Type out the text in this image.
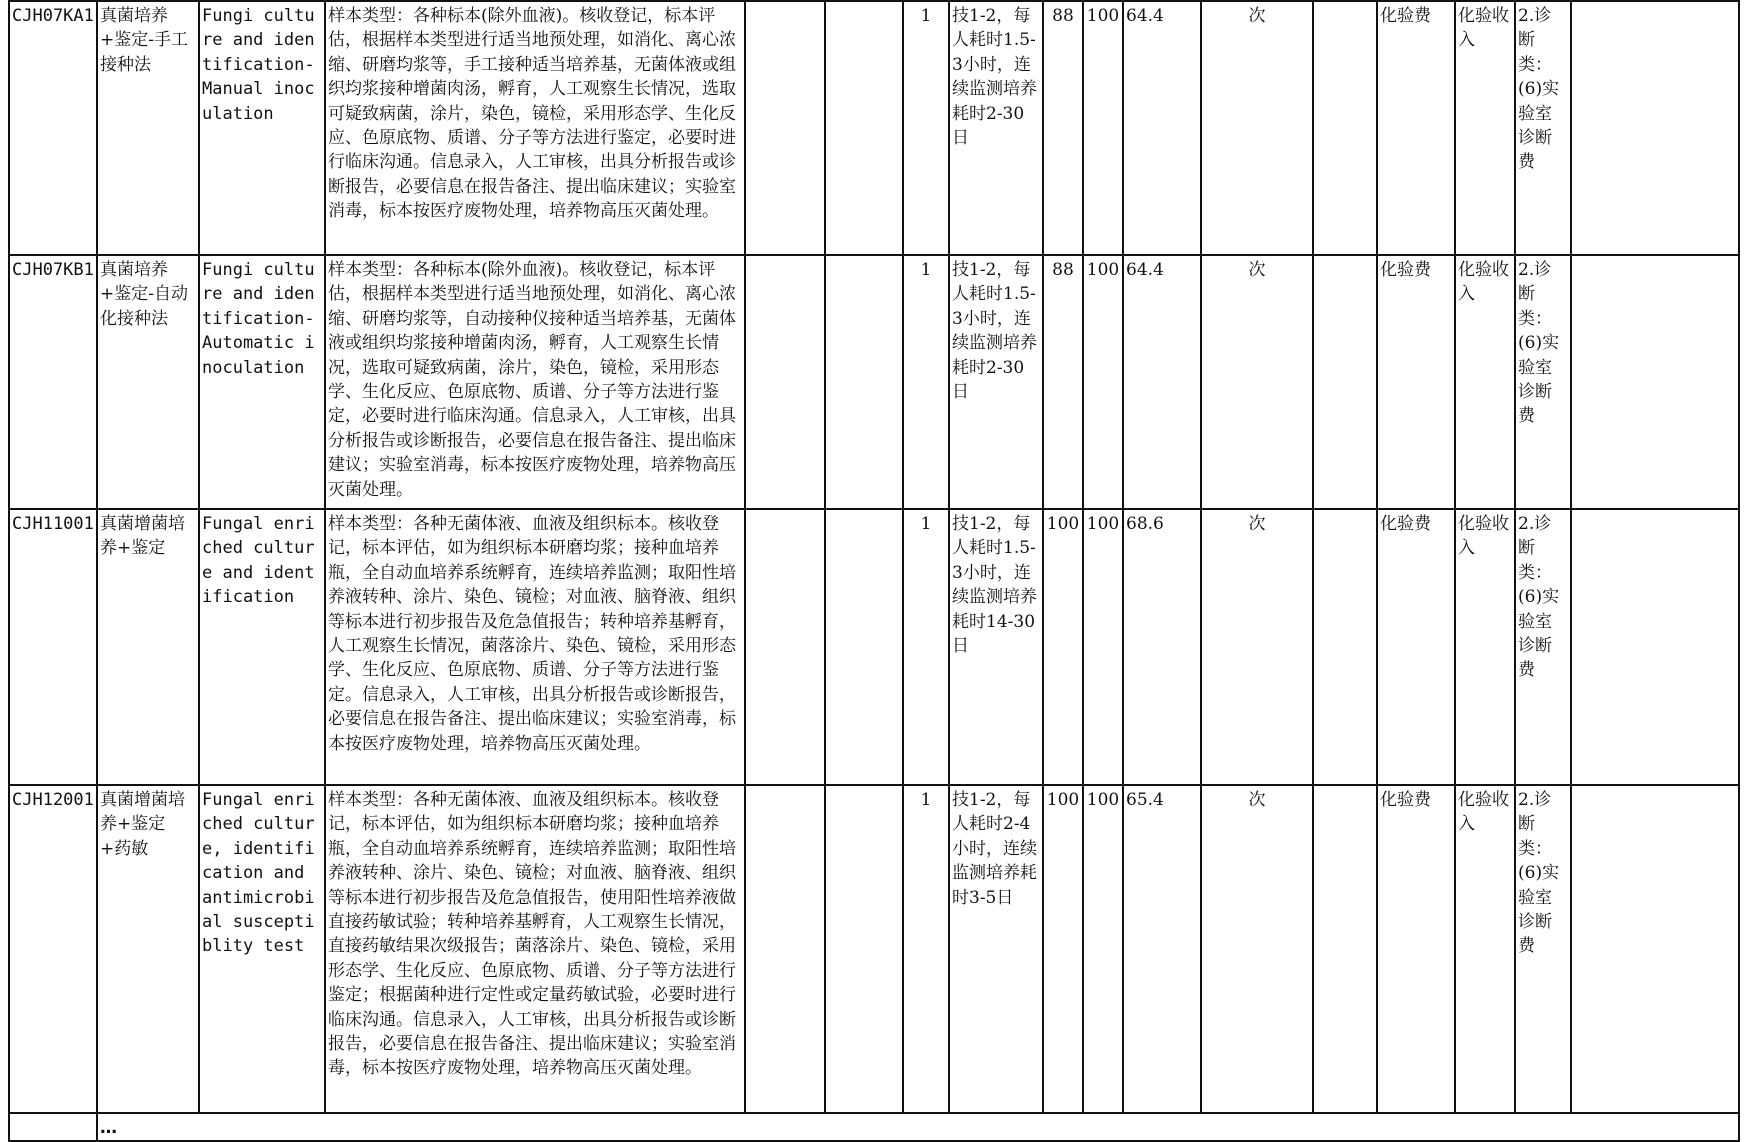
CJH07KA1	真菌培养+鉴定-手工接种法	Fungi culture and identification-Manual inoculation	样本类型：各种标本(除外血液)。核收登记，标本评估，根据样本类型进行适当地预处理，如消化、离心浓缩、研磨均浆等，手工接种适当培养基，无菌体液或组织均浆接种增菌肉汤，孵育，人工观察生长情况，选取可疑致病菌，涂片，染色，镜检，采用形态学、生化反应、色原底物、质谱、分子等方法进行鉴定，必要时进行临床沟通。信息录入，人工审核，出具分析报告或诊断报告，必要信息在报告备注、提出临床建议；实验室消毒，标本按医疗废物处理，培养物高压灭菌处理。			1	技1-2，每人耗时1.5-3小时，连续监测培养耗时2-30日	88	100	64.4	次		化验费	化验收入	2.诊断类：(6)实验室诊断费	
CJH07KB1	真菌培养+鉴定-自动化接种法	Fungi culture and identification-Automatic inoculation	样本类型：各种标本(除外血液)。核收登记，标本评估，根据样本类型进行适当地预处理，如消化、离心浓缩、研磨均浆等，自动接种仪接种适当培养基，无菌体液或组织均浆接种增菌肉汤，孵育，人工观察生长情况，选取可疑致病菌，涂片，染色，镜检，采用形态学、生化反应、色原底物、质谱、分子等方法进行鉴定，必要时进行临床沟通。信息录入，人工审核，出具分析报告或诊断报告，必要信息在报告备注、提出临床建议；实验室消毒，标本按医疗废物处理，培养物高压灭菌处理。			1	技1-2，每人耗时1.5-3小时，连续监测培养耗时2-30日	88	100	64.4	次		化验费	化验收入	2.诊断类：(6)实验室诊断费	
CJH11001	真菌增菌培养+鉴定	Fungal enriched culture and identification	样本类型：各种无菌体液、血液及组织标本。核收登记，标本评估，如为组织标本研磨均浆；接种血培养瓶，全自动血培养系统孵育，连续培养监测；取阳性培养液转种、涂片、染色、镜检；对血液、脑脊液、组织等标本进行初步报告及危急值报告；转种培养基孵育，人工观察生长情况，菌落涂片、染色、镜检，采用形态学、生化反应、色原底物、质谱、分子等方法进行鉴定。信息录入，人工审核，出具分析报告或诊断报告，必要信息在报告备注、提出临床建议；实验室消毒，标本按医疗废物处理，培养物高压灭菌处理。			1	技1-2，每人耗时1.5-3小时，连续监测培养耗时14-30日	100	100	68.6	次		化验费	化验收入	2.诊断类：(6)实验室诊断费	
CJH12001	真菌增菌培养+鉴定+药敏	Fungal enriched culture, identification and antimicrobial susceptiblity test	样本类型：各种无菌体液、血液及组织标本。核收登记，标本评估，如为组织标本研磨均浆；接种血培养瓶，全自动血培养系统孵育，连续培养监测；取阳性培养液转种、涂片、染色、镜检；对血液、脑脊液、组织等标本进行初步报告及危急值报告，使用阳性培养液做直接药敏试验；转种培养基孵育，人工观察生长情况，直接药敏结果次级报告；菌落涂片、染色、镜检，采用形态学、生化反应、色原底物、质谱、分子等方法进行鉴定；根据菌种进行定性或定量药敏试验，必要时进行临床沟通。信息录入，人工审核，出具分析报告或诊断报告，必要信息在报告备注、提出临床建议；实验室消毒，标本按医疗废物处理，培养物高压灭菌处理。			1	技1-2，每人耗时2-4小时，连续监测培养耗时3-5日	100	100	65.4	次		化验费	化验收入	2.诊断类：(6)实验室诊断费	
	…															
